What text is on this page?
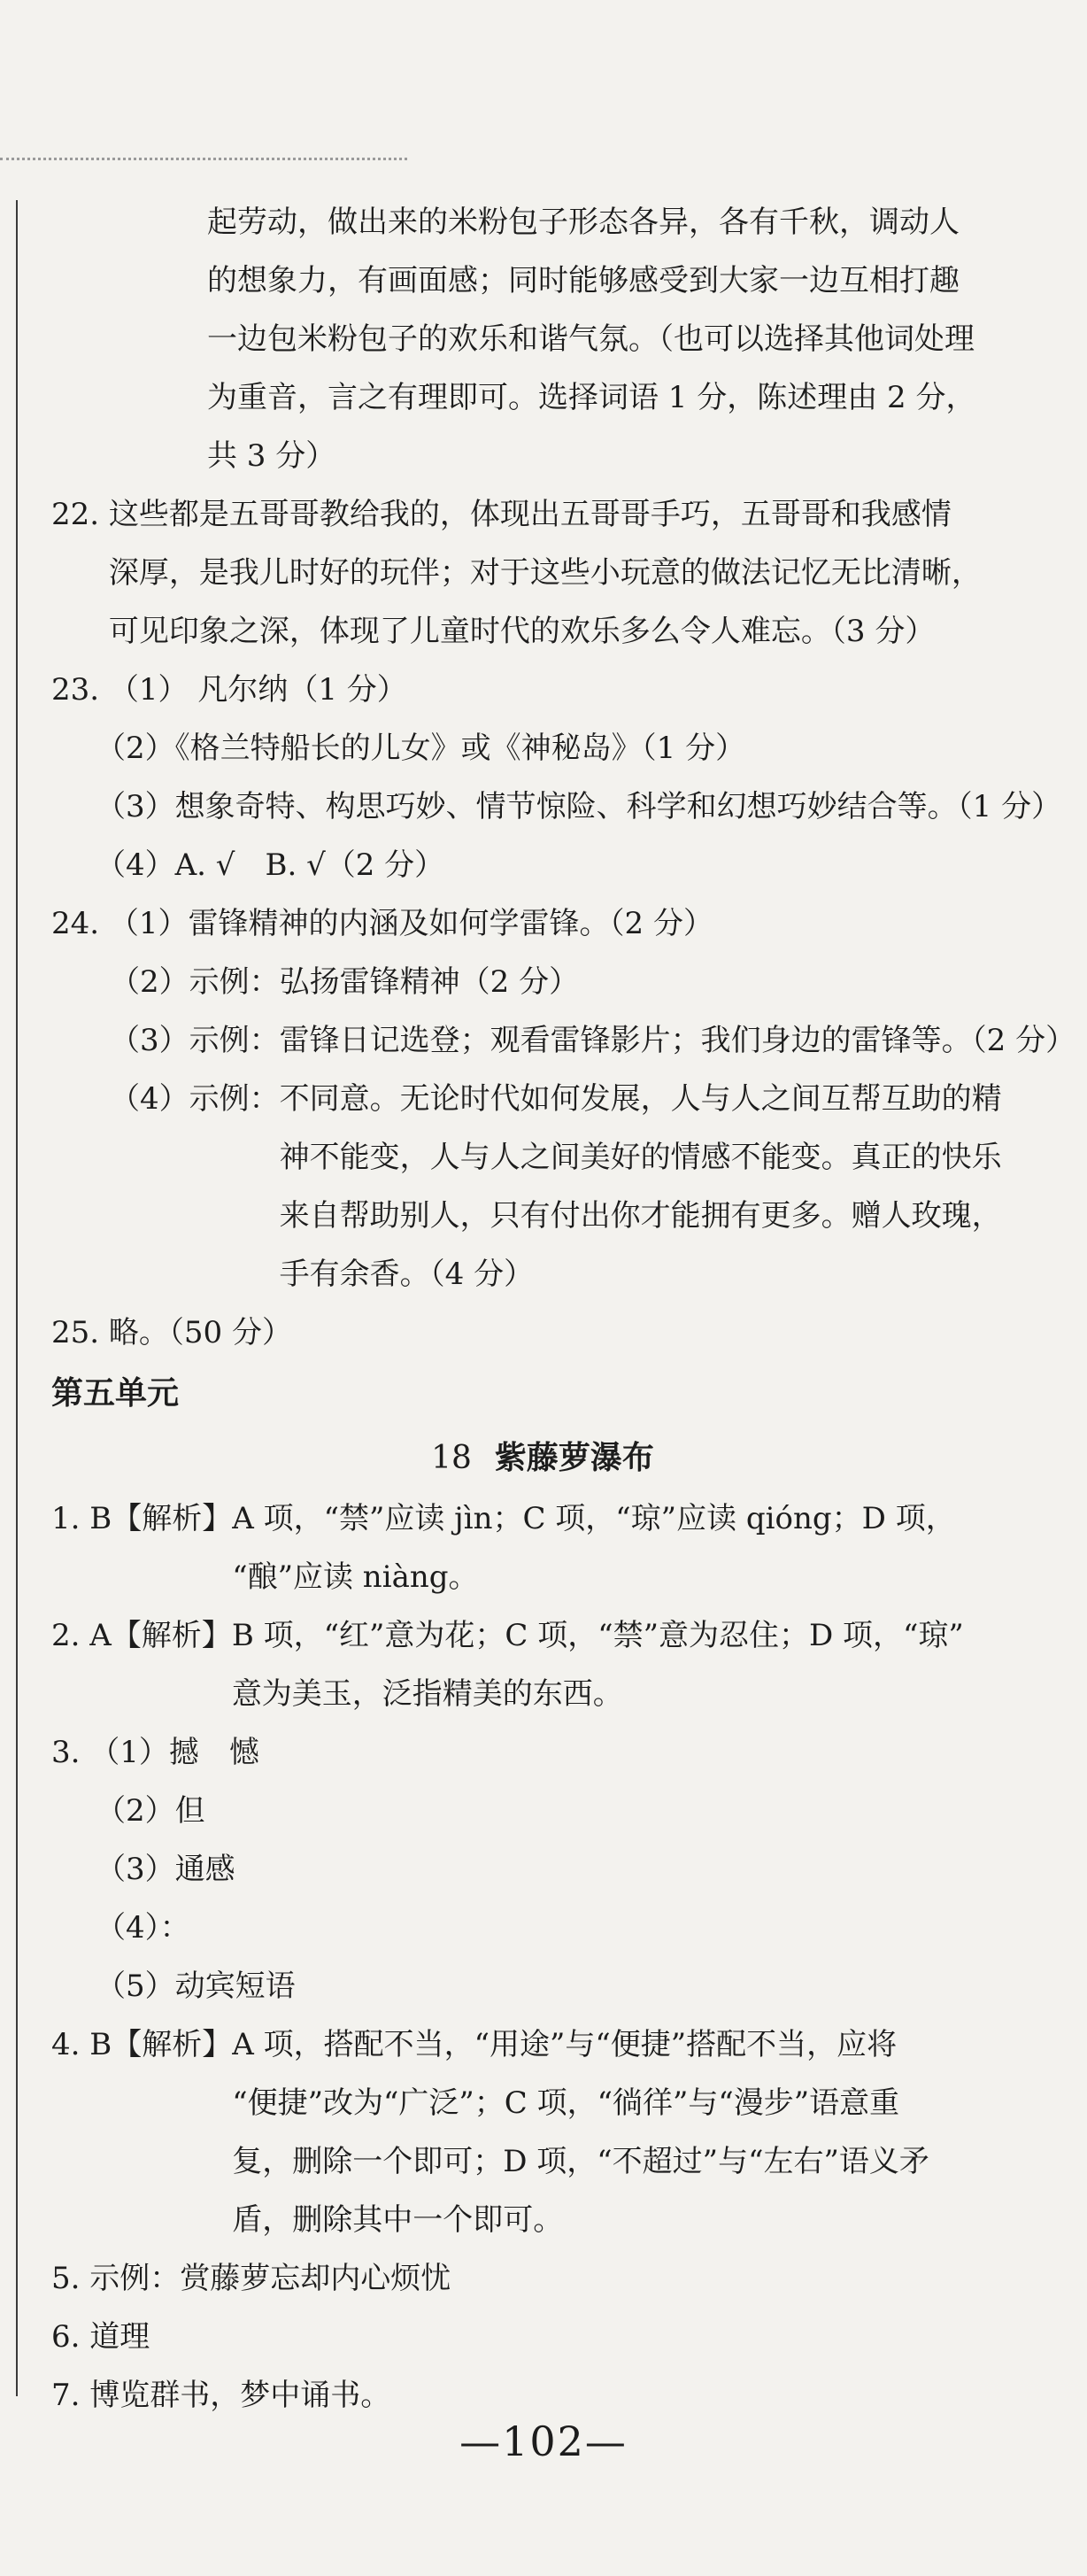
起劳动，做出来的米粉包子形态各异，各有千秋，调动人
的想象力，有画面感；同时能够感受到大家一边互相打趣
一边包米粉包子的欢乐和谐气氛。（也可以选择其他词处理
为重音，言之有理即可。选择词语 1 分，陈述理由 2 分，
共 3 分）
22. 这些都是五哥哥教给我的，体现出五哥哥手巧，五哥哥和我感情
深厚，是我儿时好的玩伴；对于这些小玩意的做法记忆无比清晰，
可见印象之深，体现了儿童时代的欢乐多么令人难忘。（3 分）
23. （1） 凡尔纳（1 分）
（2）《格兰特船长的儿女》或《神秘岛》（1 分）
（3）想象奇特、构思巧妙、情节惊险、科学和幻想巧妙结合等。（1 分）
（4）A. √　B. √（2 分）
24. （1）雷锋精神的内涵及如何学雷锋。（2 分）
（2）示例：弘扬雷锋精神（2 分）
（3）示例：雷锋日记选登；观看雷锋影片；我们身边的雷锋等。（2 分）
（4）示例： 不同意。无论时代如何发展，人与人之间互帮互助的精
神不能变，人与人之间美好的情感不能变。真正的快乐
来自帮助别人，只有付出你才能拥有更多。赠人玫瑰，
手有余香。（4 分）
25. 略。（50 分）
第五单元
18 紫藤萝瀑布
1. B【解析】 A 项，“禁”应读 jìn；C 项，“琼”应读 qióng；D 项，
“酿”应读 niàng。
2. A【解析】 B 项，“红”意为花；C 项，“禁”意为忍住；D 项，“琼”
意为美玉，泛指精美的东西。
3. （1）撼　憾
（2）但
（3）通感
（4）：
（5）动宾短语
4. B【解析】 A 项，搭配不当，“用途”与“便捷”搭配不当，应将
“便捷”改为“广泛”；C 项，“徜徉”与“漫步”语意重
复，删除一个即可；D 项，“不超过”与“左右”语义矛
盾，删除其中一个即可。
5. 示例：赏藤萝忘却内心烦忧
6. 道理
7. 博览群书，梦中诵书。
—102—
